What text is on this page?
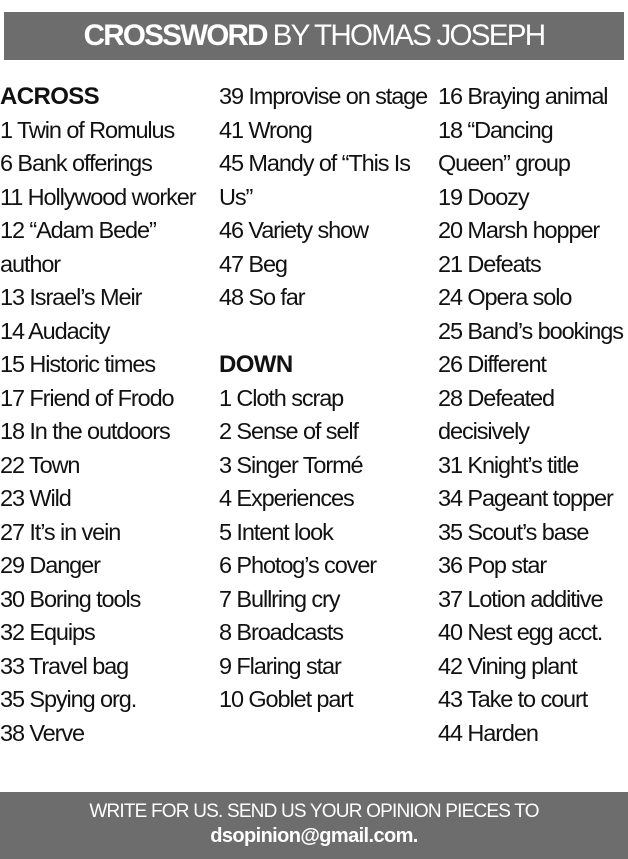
CROSSWORD BY THOMAS JOSEPH
ACROSS
1 Twin of Romulus
6 Bank offerings
11 Hollywood worker
12 “Adam Bede” author
13 Israel’s Meir
14 Audacity
15 Historic times
17 Friend of Frodo
18 In the outdoors
22 Town
23 Wild
27 It’s in vein
29 Danger
30 Boring tools
32 Equips
33 Travel bag
35 Spying org.
38 Verve
39 Improvise on stage
41 Wrong
45 Mandy of “This Is Us”
46 Variety show
47 Beg
48 So far
DOWN
1 Cloth scrap
2 Sense of self
3 Singer Tormé
4 Experiences
5 Intent look
6 Photog’s cover
7 Bullring cry
8 Broadcasts
9 Flaring star
10 Goblet part
16 Braying animal
18 “Dancing Queen” group
19 Doozy
20 Marsh hopper
21 Defeats
24 Opera solo
25 Band’s bookings
26 Different
28 Defeated decisively
31 Knight’s title
34 Pageant topper
35 Scout’s base
36 Pop star
37 Lotion additive
40 Nest egg acct.
42 Vining plant
43 Take to court
44 Harden
WRITE FOR US. SEND US YOUR OPINION PIECES TO
dsopinion@gmail.com.
